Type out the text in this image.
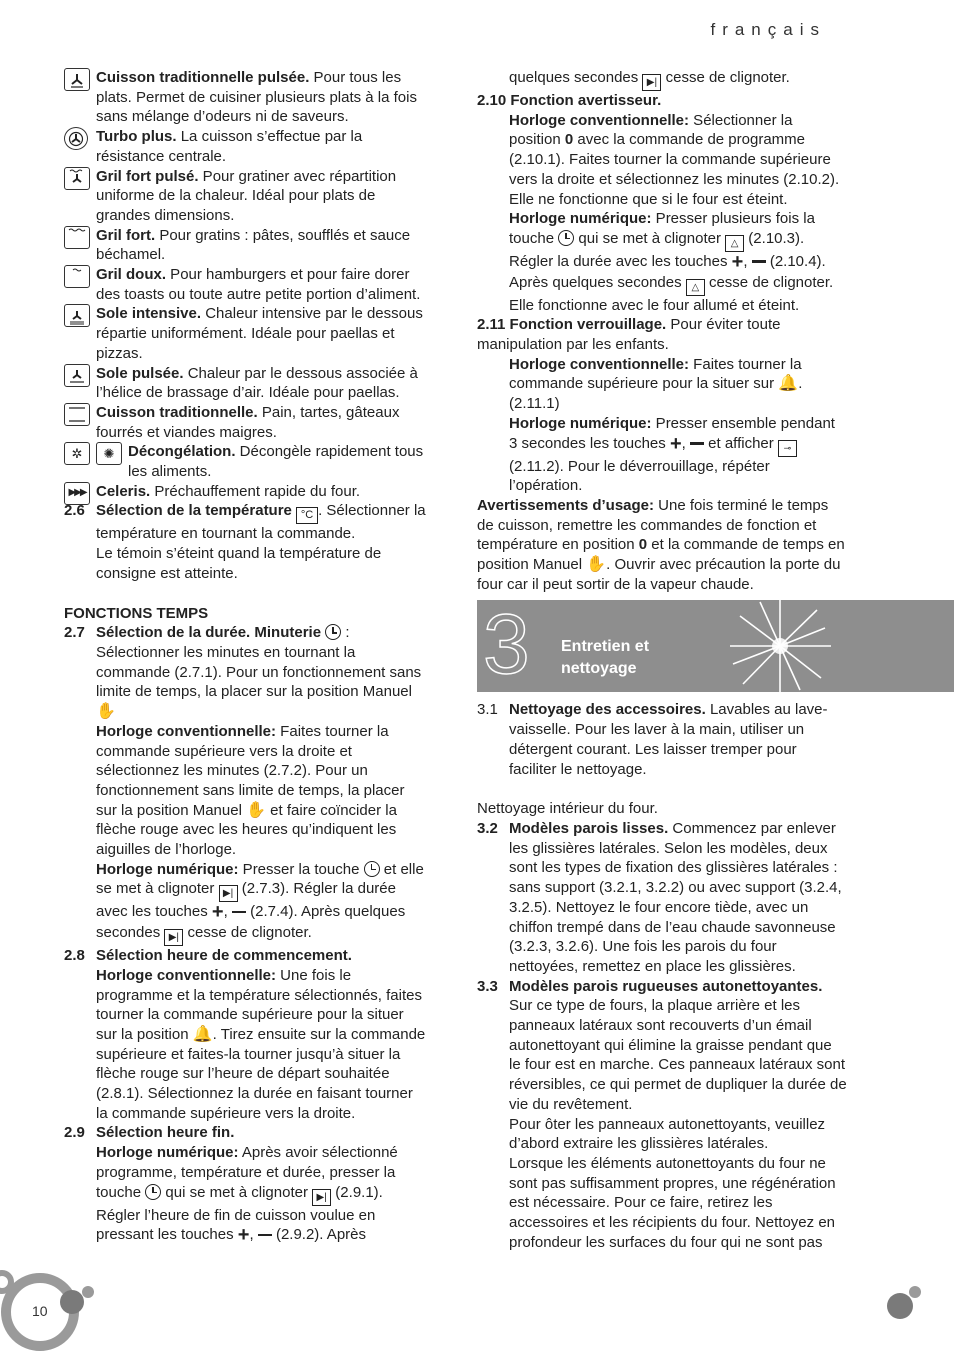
français

Cuisson traditionnelle pulsée. Pour tous les plats. Permet de cuisiner plusieurs plats à la fois sans mélange d’odeurs ni de saveurs.

Turbo plus. La cuisson s’effectue par la résistance centrale.

Gril fort pulsé. Pour gratiner avec répartition uniforme de la chaleur. Idéal pour plats de grandes dimensions.

Gril fort. Pour gratins : pâtes, soufflés et sauce béchamel.

Gril doux. Pour hamburgers et pour faire dorer des toasts ou toute autre petite portion d’aliment.

Sole intensive. Chaleur intensive par le dessous répartie uniformément. Idéale pour paellas et pizzas.

Sole pulsée. Chaleur par le dessous associée à l’hélice de brassage d’air. Idéale pour paellas.

Cuisson traditionnelle. Pain, tartes, gâteaux fourrés et viandes maigres.

✲ ✺ Décongélation. Décongèle rapidement tous les aliments.

▶▶▶ Celeris. Préchauffement rapide du four.

2.6 Sélection de la température °C . Sélectionner la température en tournant la commande.

Le témoin s’éteint quand la température de consigne est atteinte.

FONCTIONS TEMPS

2.7 Sélection de la durée. Minuterie  :

Sélectionner les minutes en tournant la commande (2.7.1). Pour un fonctionnement sans limite de temps, la placer sur la position Manuel ✋

Horloge conventionnelle: Faites tourner la commande supérieure vers la droite et sélectionnez les minutes (2.7.2). Pour un fonctionnement sans limite de temps, la placer sur la position Manuel ✋ et faire coïncider la flèche rouge avec les heures qu’indiquent les aiguilles de l’horloge.

Horloge numérique: Presser la touche  et elle se met à clignoter ▶| (2.7.3). Régler la durée avec les touches +,  (2.7.4). Après quelques secondes ▶| cesse de clignoter.

2.8 Sélection heure de commencement.

Horloge conventionnelle: Une fois le programme et la température sélectionnés, faites tourner la commande supérieure pour la situer sur la position 🔔. Tirez ensuite sur la commande supérieure et faites-la tourner jusqu’à situer la flèche rouge sur l’heure de départ souhaitée (2.8.1). Sélectionnez la durée en faisant tourner la commande supérieure vers la droite.

2.9 Sélection heure fin.

Horloge numérique: Après avoir sélectionné programme, température et durée, presser la touche  qui se met à clignoter ▶| (2.9.1). Régler l’heure de fin de cuisson voulue en pressant les touches +,  (2.9.2). Après

quelques secondes ▶| cesse de clignoter.

2.10 Fonction avertisseur.

Horloge conventionnelle: Sélectionner la position 0 avec la commande de programme (2.10.1). Faites tourner la commande supérieure vers la droite et sélectionnez les minutes (2.10.2). Elle ne fonctionne que si le four est éteint.

Horloge numérique: Presser plusieurs fois la touche  qui se met à clignoter △ (2.10.3). Régler la durée avec les touches +,  (2.10.4). Après quelques secondes △ cesse de clignoter. Elle fonctionne avec le four allumé et éteint.

2.11 Fonction verrouillage. Pour éviter toute manipulation par les enfants.

Horloge conventionnelle: Faites tourner la commande supérieure pour la situer sur 🔔. (2.11.1)

Horloge numérique: Presser ensemble pendant 3 secondes les touches +,  et afficher ⊸ (2.11.2). Pour le déverrouillage, répéter l’opération.

Avertissements d’usage: Une fois terminé le temps de cuisson, remettre les commandes de fonction et température en position 0 et la commande de temps en position Manuel ✋. Ouvrir avec précaution la porte du four car il peut sortir de la vapeur chaude.

3 Entretien et
nettoyage
3.1 Nettoyage des accessoires. Lavables au lave-vaisselle. Pour les laver à la main, utiliser un détergent courant. Les laisser tremper pour faciliter le nettoyage.

Nettoyage intérieur du four.

3.2 Modèles parois lisses. Commencez par enlever les glissières latérales. Selon les modèles, deux sont les types de fixation des glissières latérales : sans support (3.2.1, 3.2.2) ou avec support (3.2.4, 3.2.5). Nettoyez le four encore tiède, avec un chiffon trempé dans de l’eau chaude savonneuse (3.2.3, 3.2.6). Une fois les parois du four nettoyées, remettez en place les glissières.

3.3 Modèles parois rugueuses autonettoyantes.

Sur ce type de fours, la plaque arrière et les panneaux latéraux sont recouverts d’un émail autonettoyant qui élimine la graisse pendant que le four est en marche. Ces panneaux latéraux sont réversibles, ce qui permet de dupliquer la durée de vie du revêtement.

Pour ôter les panneaux autonettoyants, veuillez d’abord extraire les glissières latérales.

Lorsque les éléments autonettoyants du four ne sont pas suffisamment propres, une régénération est nécessaire. Pour ce faire, retirez les accessoires et les récipients du four. Nettoyez en profondeur les surfaces du four qui ne sont pas

10
